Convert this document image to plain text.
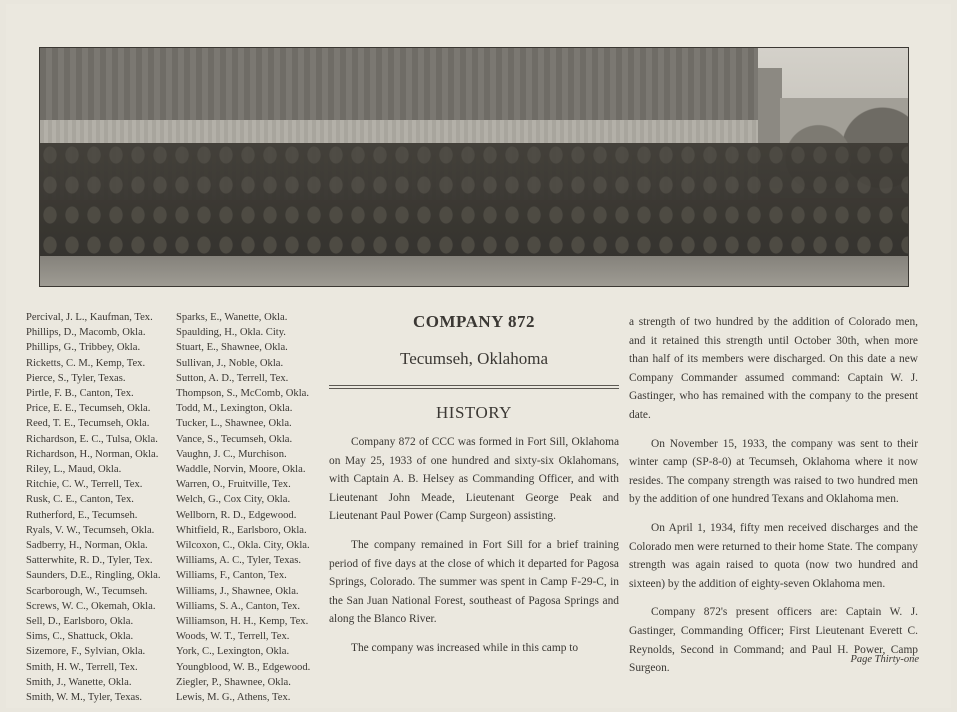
Percival, J. L., Kaufman, Tex.
Phillips, D., Macomb, Okla.
Phillips, G., Tribbey, Okla.
Ricketts, C. M., Kemp, Tex.
Pierce, S., Tyler, Texas.
Pirtle, F. B., Canton, Tex.
Price, E. E., Tecumseh, Okla.
Reed, T. E., Tecumseh, Okla.
Richardson, E. C., Tulsa, Okla.
Richardson, H., Norman, Okla.
Riley, L., Maud, Okla.
Ritchie, C. W., Terrell, Tex.
Rusk, C. E., Canton, Tex.
Rutherford, E., Tecumseh.
Ryals, V. W., Tecumseh, Okla.
Sadberry, H., Norman, Okla.
Satterwhite, R. D., Tyler, Tex.
Saunders, D.E., Ringling, Okla.
Scarborough, W., Tecumseh.
Screws, W. C., Okemah, Okla.
Sell, D., Earlsboro, Okla.
Sims, C., Shattuck, Okla.
Sizemore, F., Sylvian, Okla.
Smith, H. W., Terrell, Tex.
Smith, J., Wanette, Okla.
Smith, W. M., Tyler, Texas.
Sparks, E., Wanette, Okla.
Spaulding, H., Okla. City.
Stuart, E., Shawnee, Okla.
Sullivan, J., Noble, Okla.
Sutton, A. D., Terrell, Tex.
Thompson, S., McComb, Okla.
Todd, M., Lexington, Okla.
Tucker, L., Shawnee, Okla.
Vance, S., Tecumseh, Okla.
Vaughn, J. C., Murchison.
Waddle, Norvin, Moore, Okla.
Warren, O., Fruitville, Tex.
Welch, G., Cox City, Okla.
Wellborn, R. D., Edgewood.
Whitfield, R., Earlsboro, Okla.
Wilcoxon, C., Okla. City, Okla.
Williams, A. C., Tyler, Texas.
Williams, F., Canton, Tex.
Williams, J., Shawnee, Okla.
Williams, S. A., Canton, Tex.
Williamson, H. H., Kemp, Tex.
Woods, W. T., Terrell, Tex.
York, C., Lexington, Okla.
Youngblood, W. B., Edgewood.
Ziegler, P., Shawnee, Okla.
Lewis, M. G., Athens, Tex.
COMPANY 872
Tecumseh, Oklahoma
HISTORY
Company 872 of CCC was formed in Fort Sill, Oklahoma on May 25, 1933 of one hundred and sixty-six Oklahomans, with Captain A. B. Helsey as Commanding Officer, and with Lieutenant John Meade, Lieutenant George Peak and Lieutenant Paul Power (Camp Surgeon) assisting.
The company remained in Fort Sill for a brief training period of five days at the close of which it departed for Pagosa Springs, Colorado. The summer was spent in Camp F-29-C, in the San Juan National Forest, southeast of Pagosa Springs and along the Blanco River.
The company was increased while in this camp to
a strength of two hundred by the addition of Colorado men, and it retained this strength until October 30th, when more than half of its members were discharged. On this date a new Company Commander assumed command: Captain W. J. Gastinger, who has remained with the company to the present date.
On November 15, 1933, the company was sent to their winter camp (SP-8-0) at Tecumseh, Oklahoma where it now resides. The company strength was raised to two hundred men by the addition of one hundred Texans and Oklahoma men.
On April 1, 1934, fifty men received discharges and the Colorado men were returned to their home State. The company strength was again raised to quota (now two hundred and sixteen) by the addition of eighty-seven Oklahoma men.
Company 872's present officers are: Captain W. J. Gastinger, Commanding Officer; First Lieutenant Everett C. Reynolds, Second in Command; and Paul H. Power, Camp Surgeon.
Page Thirty-one
